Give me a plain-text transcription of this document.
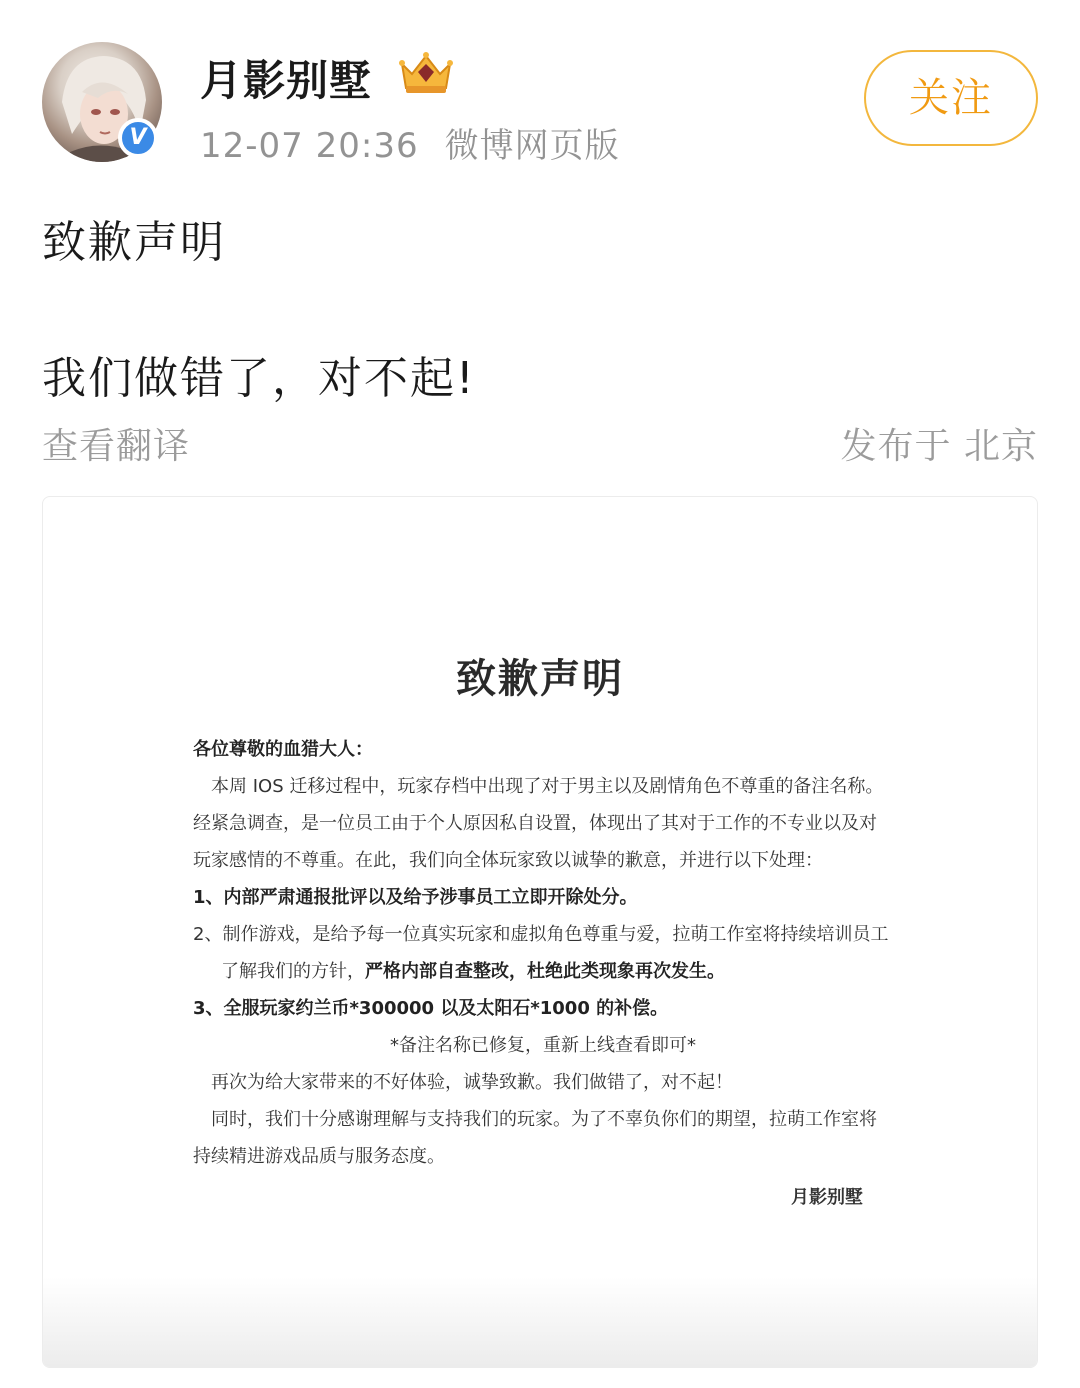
V
月影别墅
12-07 20:36 微博网页版
关注
致歉声明
我们做错了，对不起!
查看翻译	发布于 北京
致歉声明

各位尊敬的血猎大人：

本周 IOS 迁移过程中，玩家存档中出现了对于男主以及剧情角色不尊重的备注名称。

经紧急调查，是一位员工由于个人原因私自设置，体现出了其对于工作的不专业以及对

玩家感情的不尊重。在此，我们向全体玩家致以诚挚的歉意，并进行以下处理：

1、内部严肃通报批评以及给予涉事员工立即开除处分。

2、制作游戏，是给予每一位真实玩家和虚拟角色尊重与爱，拉萌工作室将持续培训员工

了解我们的方针，严格内部自查整改，杜绝此类现象再次发生。

3、全服玩家约兰币*300000 以及太阳石*1000 的补偿。

*备注名称已修复，重新上线查看即可*

再次为给大家带来的不好体验，诚挚致歉。我们做错了，对不起！

同时，我们十分感谢理解与支持我们的玩家。为了不辜负你们的期望，拉萌工作室将

持续精进游戏品质与服务态度。

月影别墅
